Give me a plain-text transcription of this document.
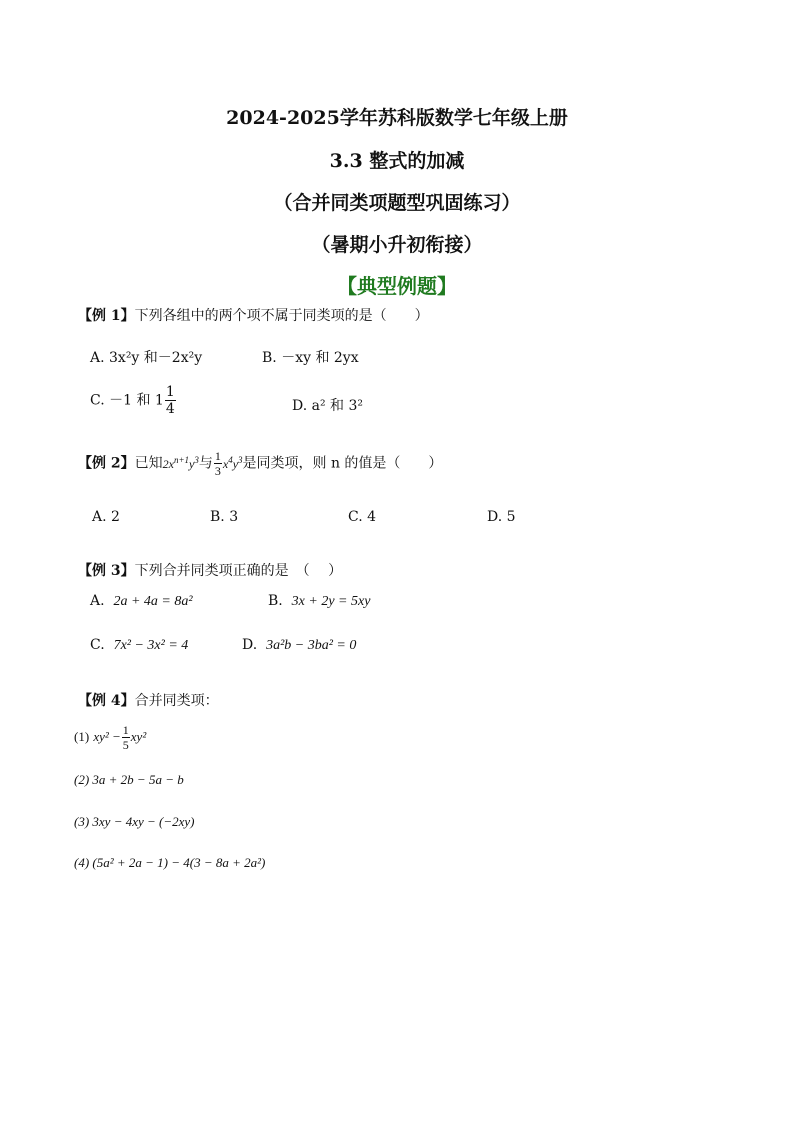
2024-2025学年苏科版数学七年级上册
3.3 整式的加减
（合并同类项题型巩固练习）
（暑期小升初衔接）
【典型例题】
【例 1】下列各组中的两个项不属于同类项的是（　　）
A. 3x²y 和－2x²y	B. －xy 和 2yx
C. －1 和 $1 \frac{1}{4}$	D. a² 和 3²
【例 2】已知$2x^{n+1}y^3$与 $\frac{1}{3} x^4y^3$是同类项，则 n 的值是（　　）
A. 2	B. 3	C. 4	D. 5
【例 3】下列合并同类项正确的是　（　 ）
A. 2a + 4a = 8a²	B. 3x + 2y = 5xy
C. 7x² − 3x² = 4	D. 3a²b − 3ba² = 0
【例 4】合并同类项：
(1) $xy^2 - \frac{1}{5} xy^2$
(2) 3a + 2b − 5a − b
(3) 3xy − 4xy − (−2xy)
(4) (5a² + 2a − 1) − 4(3 − 8a + 2a²)
